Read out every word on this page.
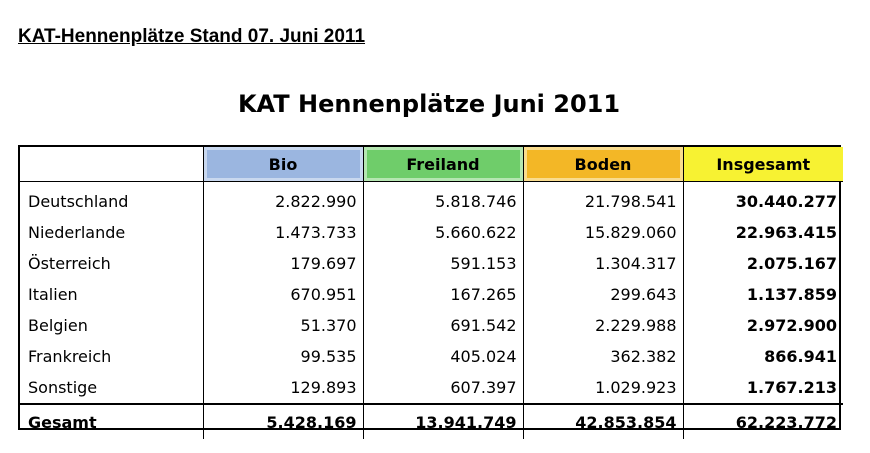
KAT-Hennenplätze Stand 07. Juni 2011
KAT Hennenplätze Juni 2011
	Bio	Freiland	Boden	Insgesamt
Deutschland	2.822.990	5.818.746	21.798.541	30.440.277
Niederlande	1.473.733	5.660.622	15.829.060	22.963.415
Österreich	179.697	591.153	1.304.317	2.075.167
Italien	670.951	167.265	299.643	1.137.859
Belgien	51.370	691.542	2.229.988	2.972.900
Frankreich	99.535	405.024	362.382	866.941
Sonstige	129.893	607.397	1.029.923	1.767.213
Gesamt	5.428.169	13.941.749	42.853.854	62.223.772
